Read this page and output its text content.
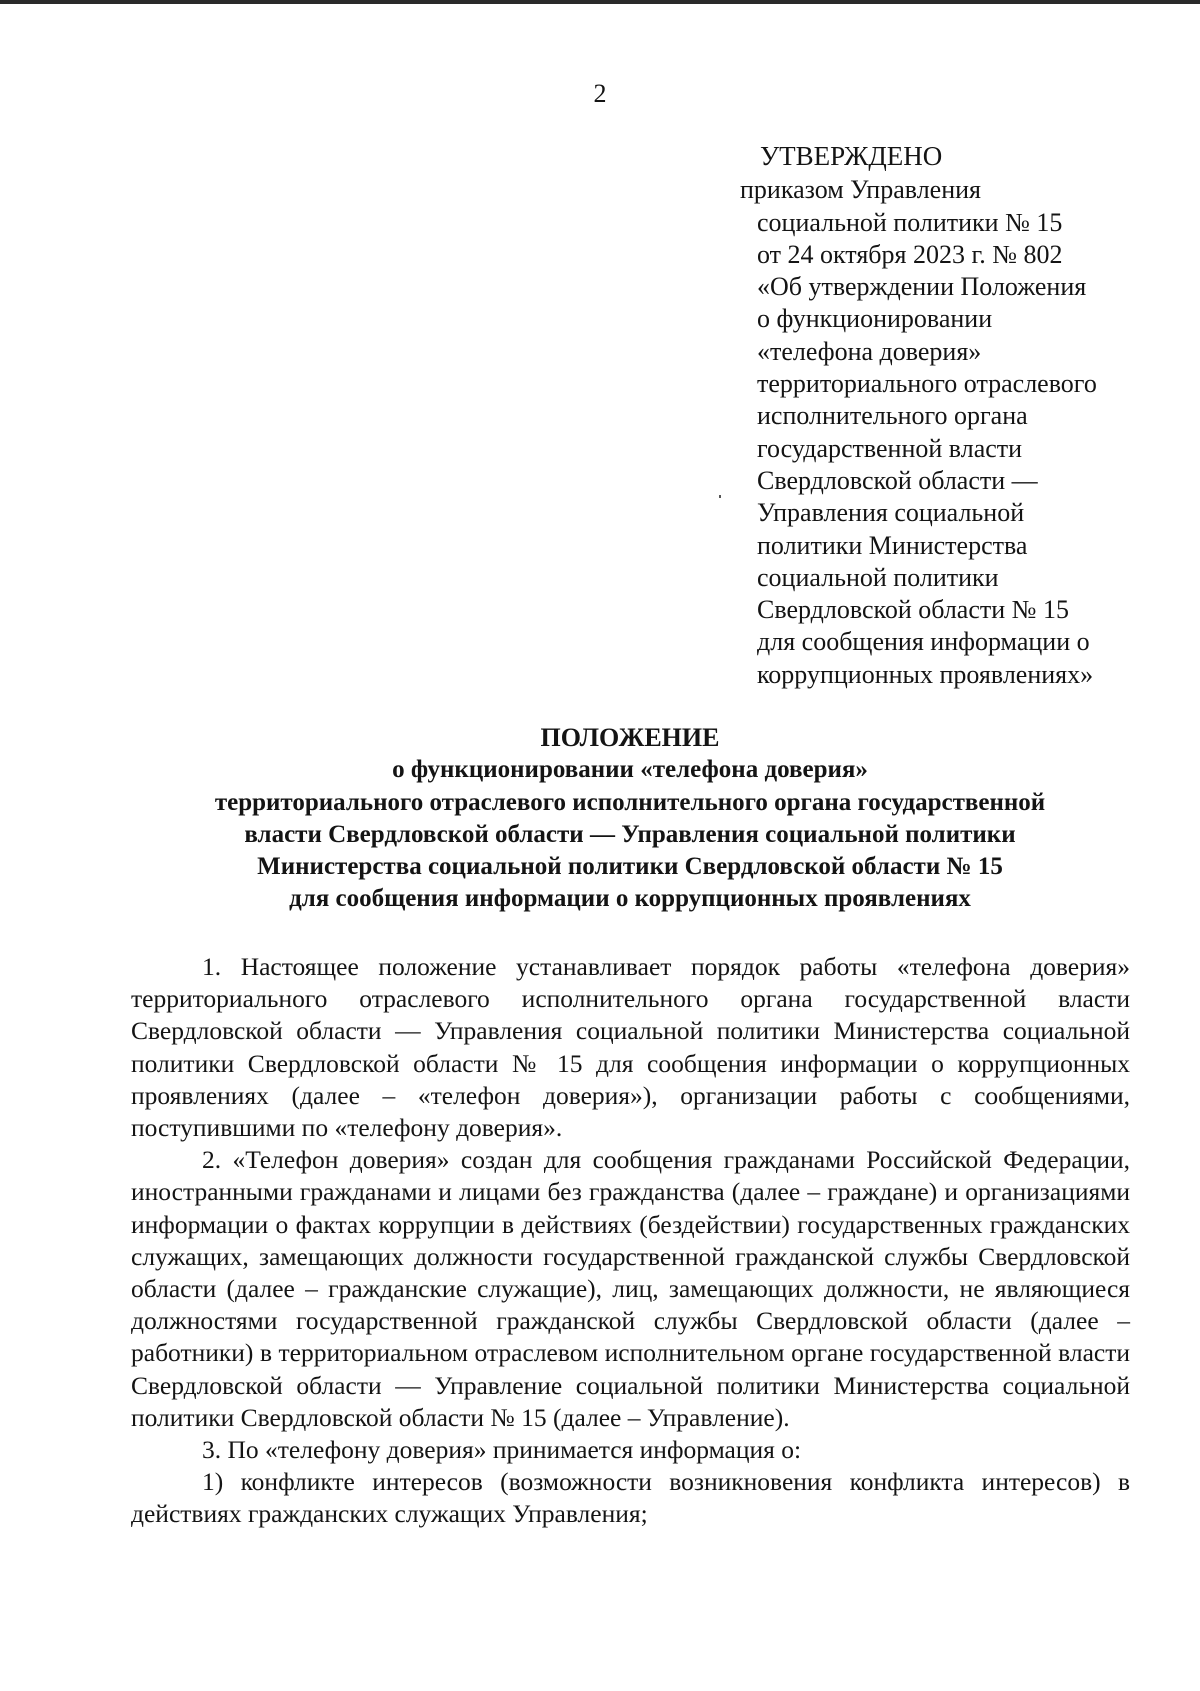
2
УТВЕРЖДЕНО
приказом Управления
социальной политики № 15
от 24 октября 2023 г. № 802
«Об утверждении Положения
о функционировании
«телефона доверия»
территориального отраслевого
исполнительного органа
государственной власти
Свердловской области —
Управления социальной
политики Министерства
социальной политики
Свердловской области № 15
для сообщения информации о
коррупционных проявлениях»
ПОЛОЖЕНИЕ
о функционировании «телефона доверия»
территориального отраслевого исполнительного органа государственной
власти Свердловской области — Управления социальной политики
Министерства социальной политики Свердловской области № 15
для сообщения информации о коррупционных проявлениях

1. Настоящее положение устанавливает порядок работы «телефона доверия» территориального отраслевого исполнительного органа государственной власти Свердловской области — Управления социальной политики Министерства социальной политики Свердловской области № 15 для сообщения информации о коррупционных проявлениях (далее – «телефон доверия»), организации работы с сообщениями, поступившими по «телефону доверия».

2. «Телефон доверия» создан для сообщения гражданами Российской Федерации, иностранными гражданами и лицами без гражданства (далее – граждане) и организациями информации о фактах коррупции в действиях (бездействии) государственных гражданских служащих, замещающих должности государственной гражданской службы Свердловской области (далее – гражданские служащие), лиц, замещающих должности, не являющиеся должностями государственной гражданской службы Свердловской области (далее – работники) в территориальном отраслевом исполнительном органе государственной власти Свердловской области — Управление социальной политики Министерства социальной политики Свердловской области № 15 (далее – Управление).

3. По «телефону доверия» принимается информация о:

1) конфликте интересов (возможности возникновения конфликта интересов) в действиях гражданских служащих Управления;
